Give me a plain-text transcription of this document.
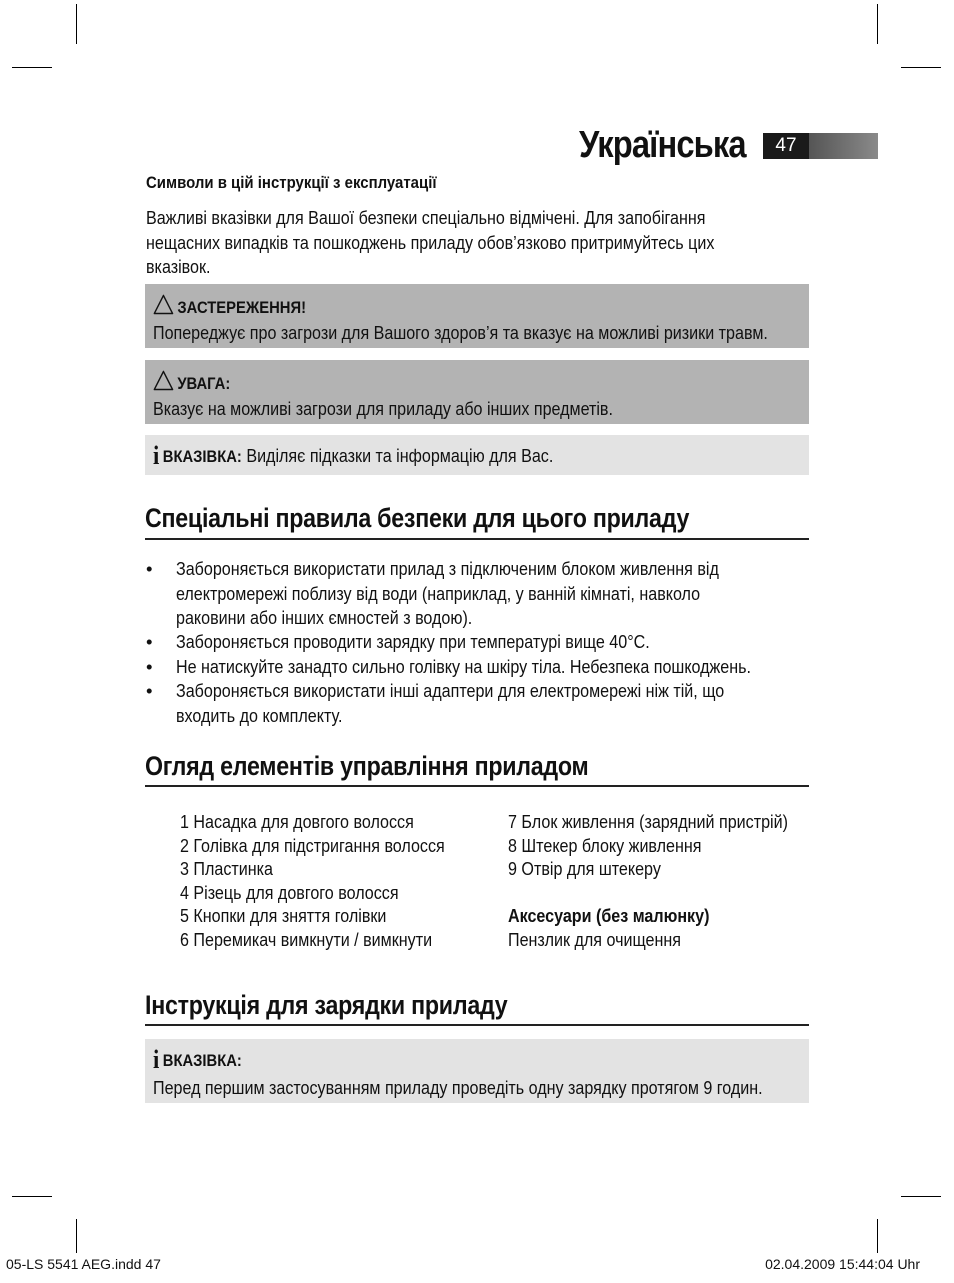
Українська	47
Символи в цій інструкції з експлуатації
Важливі вказівки для Вашої безпеки спеціально відмічені. Для запобігання
нещасних випадків та пошкоджень приладу обов’язково притримуйтесь цих
вказівок.
ЗАСТЕРЕЖЕННЯ!
Попереджує про загрози для Вашого здоров’я та вказує на можливі ризики травм.
УВАГА:
Вказує на можливі загрози для приладу або інших предметів.
iВКАЗІВКА: Виділяє підказки та інформацію для Вас.
Спеціальні правила безпеки для цього приладу
• Забороняється використати прилад з підключеним блоком живлення від
електромережі поблизу від води (наприклад, у ванній кімнаті, навколо
раковини або інших ємностей з водою).
• Забороняється проводити зарядку при температурі вище 40°C.
• Не натискуйте занадто сильно голівку на шкіру тіла. Небезпека пошкоджень.
• Забороняється використати інші адаптери для електромережі ніж тій, що
входить до комплекту.
Огляд елементів управління приладом
1 Насадка для довгого волосся
2 Голівка для підстригання волосся
3 Пластинка
4 Різець для довгого волосся
5 Кнопки для зняття голівки
6 Перемикач вимкнути / вимкнути
7 Блок живлення (зарядний пристрій)
8 Штекер блоку живлення
9 Отвір для штекеру
Аксесуари (без малюнку)
Пензлик для очищення
Інструкція для зарядки приладу
iВКАЗІВКА:
Перед першим застосуванням приладу проведіть одну зарядку протягом 9 годин.
05-LS 5541 AEG.indd 47	02.04.2009 15:44:04 Uhr
